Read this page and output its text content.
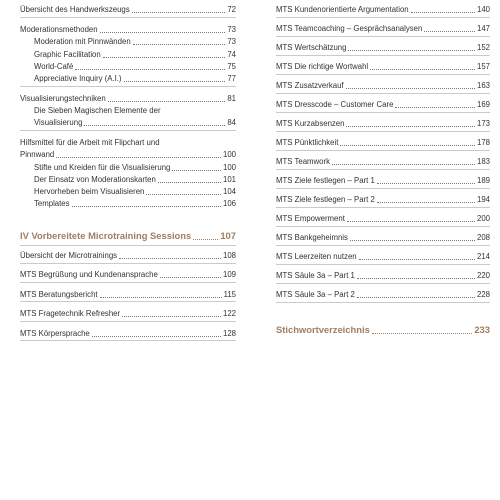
Übersicht des Handwerkszeugs	72
Moderationsmethoden	73
Moderation mit Pinnwänden	73
Graphic Facilitation	74
World-Café	75
Appreciative Inquiry (A.I.)	77
Visualisierungstechniken	81
Die Sieben Magischen Elemente der
Visualisierung	84
Hilfsmittel für die Arbeit mit Flipchart und
Pinnwand	100
Stifte und Kreiden für die Visualisierung	100
Der Einsatz von Moderationskarten	101
Hervorheben beim Visualisieren	104
Templates	106
IV Vorbereitete Microtraining Sessions	107
Übersicht der Microtrainings	108
MTS Begrüßung und Kundenansprache	109
MTS Beratungsbericht	115
MTS Fragetechnik Refresher	122
MTS Körpersprache	128
MTS Kundenorientierte Argumentation	140
MTS Teamcoaching – Gesprächsanalysen	147
MTS Wertschätzung	152
MTS Die richtige Wortwahl	157
MTS Zusatzverkauf	163
MTS Dresscode – Customer Care	169
MTS Kurzabsenzen	173
MTS Pünktlichkeit	178
MTS Teamwork	183
MTS Ziele festlegen – Part 1	189
MTS Ziele festlegen – Part 2	194
MTS Empowerment	200
MTS Bankgeheimnis	208
MTS Leerzeiten nutzen	214
MTS Säule 3a – Part 1	220
MTS Säule 3a – Part 2	228
Stichwortverzeichnis	233
